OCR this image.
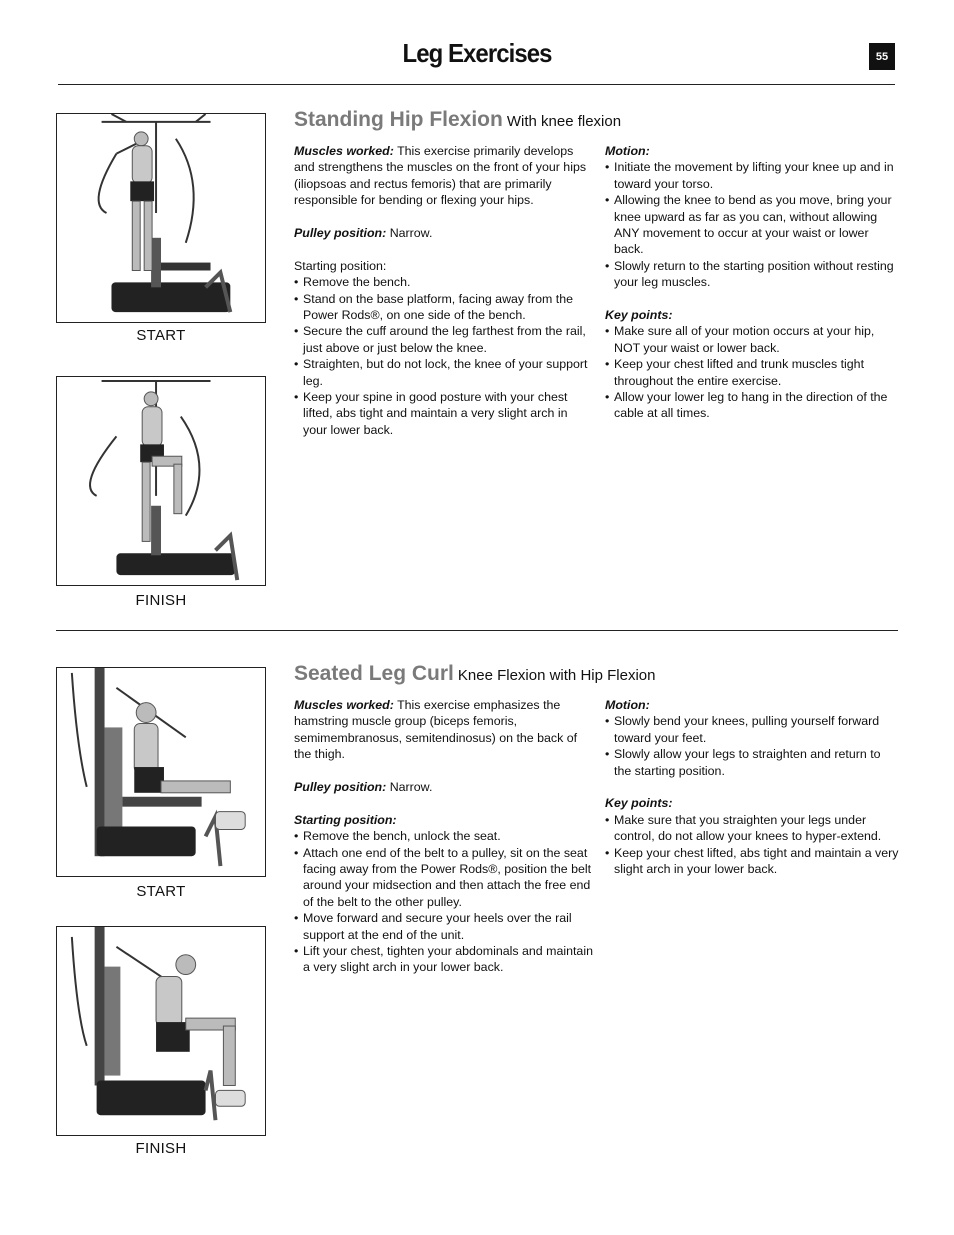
Leg Exercises	55
START
FINISH
Standing Hip Flexion With knee flexion

Muscles worked: This exercise primarily develops and strengthens the muscles on the front of your hips (iliopsoas and rectus femoris) that are primarily responsible for bending or flexing your hips.

Pulley position: Narrow.

Starting position:

• Remove the bench.
• Stand on the base platform, facing away from the Power Rods®, on one side of the bench.
• Secure the cuff around the leg farthest from the rail, just above or just below the knee.
• Straighten, but do not lock, the knee of your support leg.
• Keep your spine in good posture with your chest lifted, abs tight and maintain a very slight arch in your lower back.

Motion:

• Initiate the movement by lifting your knee up and in toward your torso.
• Allowing the knee to bend as you move, bring your knee upward as far as you can, without allowing ANY movement to occur at your waist or lower back.
• Slowly return to the starting position without resting your leg muscles.

Key points:

• Make sure all of your motion occurs at your hip, NOT your waist or lower back.
• Keep your chest lifted and trunk muscles tight throughout the entire exercise.
• Allow your lower leg to hang in the direction of the cable at all times.
START
FINISH
Seated Leg Curl Knee Flexion with Hip Flexion

Muscles worked: This exercise emphasizes the hamstring muscle group (biceps femoris, semimembranosus, semitendinosus) on the back of the thigh.

Pulley position: Narrow.

Starting position:

• Remove the bench, unlock the seat.
• Attach one end of the belt to a pulley, sit on the seat facing away from the Power Rods®, position the belt around your midsection and then attach the free end of the belt to the other pulley.
• Move forward and secure your heels over the rail support at the end of the unit.
• Lift your chest, tighten your abdominals and maintain a very slight arch in your lower back.

Motion:

• Slowly bend your knees, pulling yourself forward toward your feet.
• Slowly allow your legs to straighten and return to the starting position.

Key points:

• Make sure that you straighten your legs under control, do not allow your knees to hyper-extend.
• Keep your chest lifted, abs tight and maintain a very slight arch in your lower back.
